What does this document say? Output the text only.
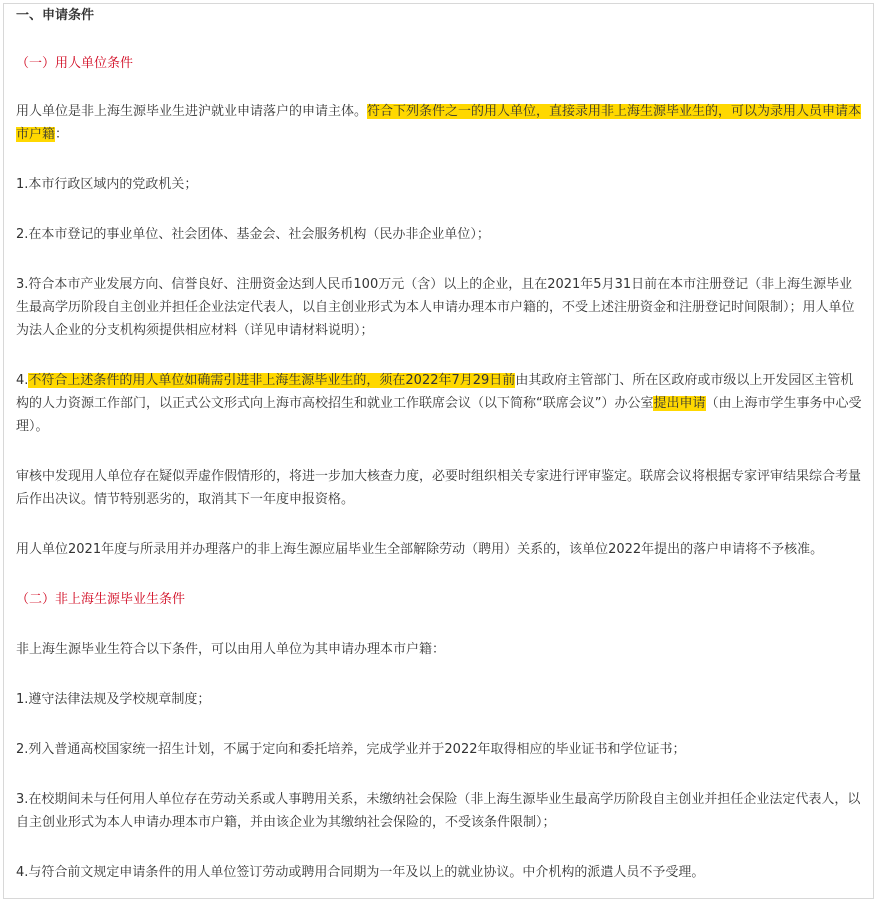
一、申请条件

（一）用人单位条件

用人单位是非上海生源毕业生进沪就业申请落户的申请主体。符合下列条件之一的用人单位，直接录用非上海生源毕业生的，可以为录用人员申请本市户籍：

1.本市行政区域内的党政机关；

2.在本市登记的事业单位、社会团体、基金会、社会服务机构（民办非企业单位）；

3.符合本市产业发展方向、信誉良好、注册资金达到人民币100万元（含）以上的企业，且在2021年5月31日前在本市注册登记（非上海生源毕业生最高学历阶段自主创业并担任企业法定代表人，以自主创业形式为本人申请办理本市户籍的，不受上述注册资金和注册登记时间限制）；用人单位为法人企业的分支机构须提供相应材料（详见申请材料说明）；

4.不符合上述条件的用人单位如确需引进非上海生源毕业生的，须在2022年7月29日前由其政府主管部门、所在区政府或市级以上开发园区主管机构的人力资源工作部门，以正式公文形式向上海市高校招生和就业工作联席会议（以下简称“联席会议”）办公室提出申请（由上海市学生事务中心受理）。

审核中发现用人单位存在疑似弄虚作假情形的，将进一步加大核查力度，必要时组织相关专家进行评审鉴定。联席会议将根据专家评审结果综合考量后作出决议。情节特别恶劣的，取消其下一年度申报资格。

用人单位2021年度与所录用并办理落户的非上海生源应届毕业生全部解除劳动（聘用）关系的，该单位2022年提出的落户申请将不予核准。

（二）非上海生源毕业生条件

非上海生源毕业生符合以下条件，可以由用人单位为其申请办理本市户籍：

1.遵守法律法规及学校规章制度；

2.列入普通高校国家统一招生计划，不属于定向和委托培养，完成学业并于2022年取得相应的毕业证书和学位证书；

3.在校期间未与任何用人单位存在劳动关系或人事聘用关系，未缴纳社会保险（非上海生源毕业生最高学历阶段自主创业并担任企业法定代表人，以自主创业形式为本人申请办理本市户籍，并由该企业为其缴纳社会保险的，不受该条件限制）；

4.与符合前文规定申请条件的用人单位签订劳动或聘用合同期为一年及以上的就业协议。中介机构的派遣人员不予受理。
